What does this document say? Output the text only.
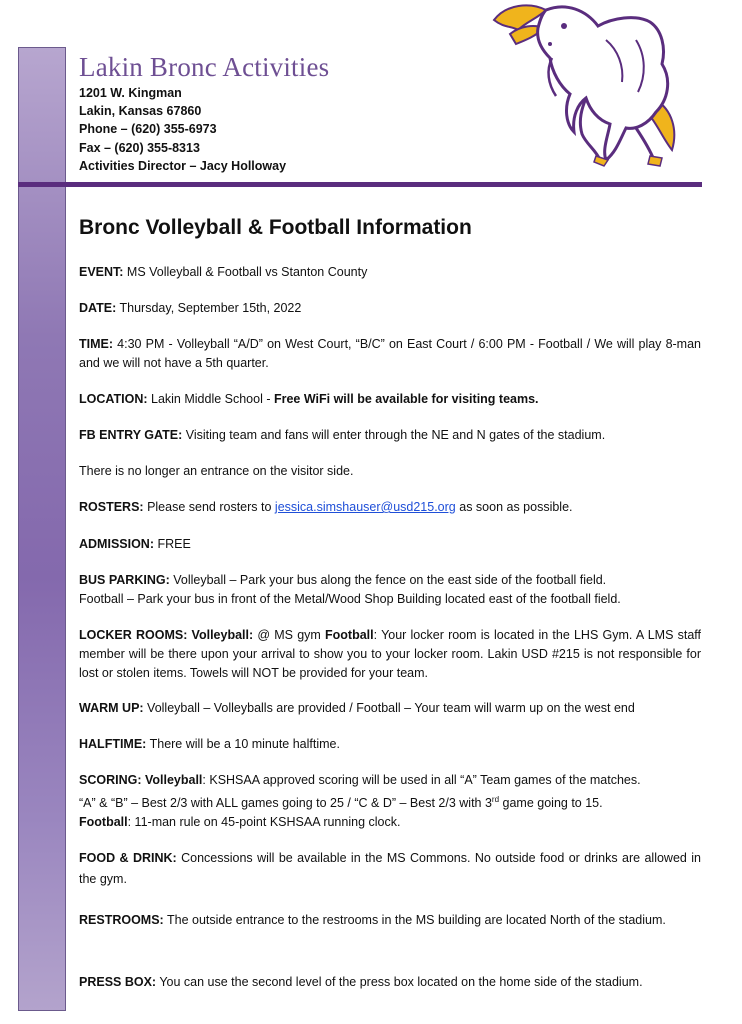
Lakin Bronc Activities
1201 W. Kingman
Lakin, Kansas 67860
Phone – (620) 355-6973
Fax – (620) 355-8313
Activities Director – Jacy Holloway
Bronc Volleyball & Football Information
EVENT: MS Volleyball & Football vs Stanton County
DATE: Thursday, September 15th, 2022
TIME: 4:30 PM - Volleyball “A/D” on West Court, “B/C” on East Court / 6:00 PM - Football / We will play 8-man and we will not have a 5th quarter.
LOCATION: Lakin Middle School - Free WiFi will be available for visiting teams.
FB ENTRY GATE: Visiting team and fans will enter through the NE and N gates of the stadium.
There is no longer an entrance on the visitor side.
ROSTERS: Please send rosters to jessica.simshauser@usd215.org as soon as possible.
ADMISSION: FREE
BUS PARKING: Volleyball – Park your bus along the fence on the east side of the football field.
Football – Park your bus in front of the Metal/Wood Shop Building located east of the football field.
LOCKER ROOMS: Volleyball: @ MS gym Football: Your locker room is located in the LHS Gym. A LMS staff member will be there upon your arrival to show you to your locker room. Lakin USD #215 is not responsible for lost or stolen items. Towels will NOT be provided for your team.
WARM UP: Volleyball – Volleyballs are provided / Football – Your team will warm up on the west end
HALFTIME: There will be a 10 minute halftime.
SCORING: Volleyball: KSHSAA approved scoring will be used in all “A” Team games of the matches.
“A” & “B” – Best 2/3 with ALL games going to 25 / “C & D” – Best 2/3 with 3rd game going to 15.
Football: 11-man rule on 45-point KSHSAA running clock.
FOOD & DRINK: Concessions will be available in the MS Commons. No outside food or drinks are allowed in the gym.
RESTROOMS: The outside entrance to the restrooms in the MS building are located North of the stadium.
PRESS BOX: You can use the second level of the press box located on the home side of the stadium.
